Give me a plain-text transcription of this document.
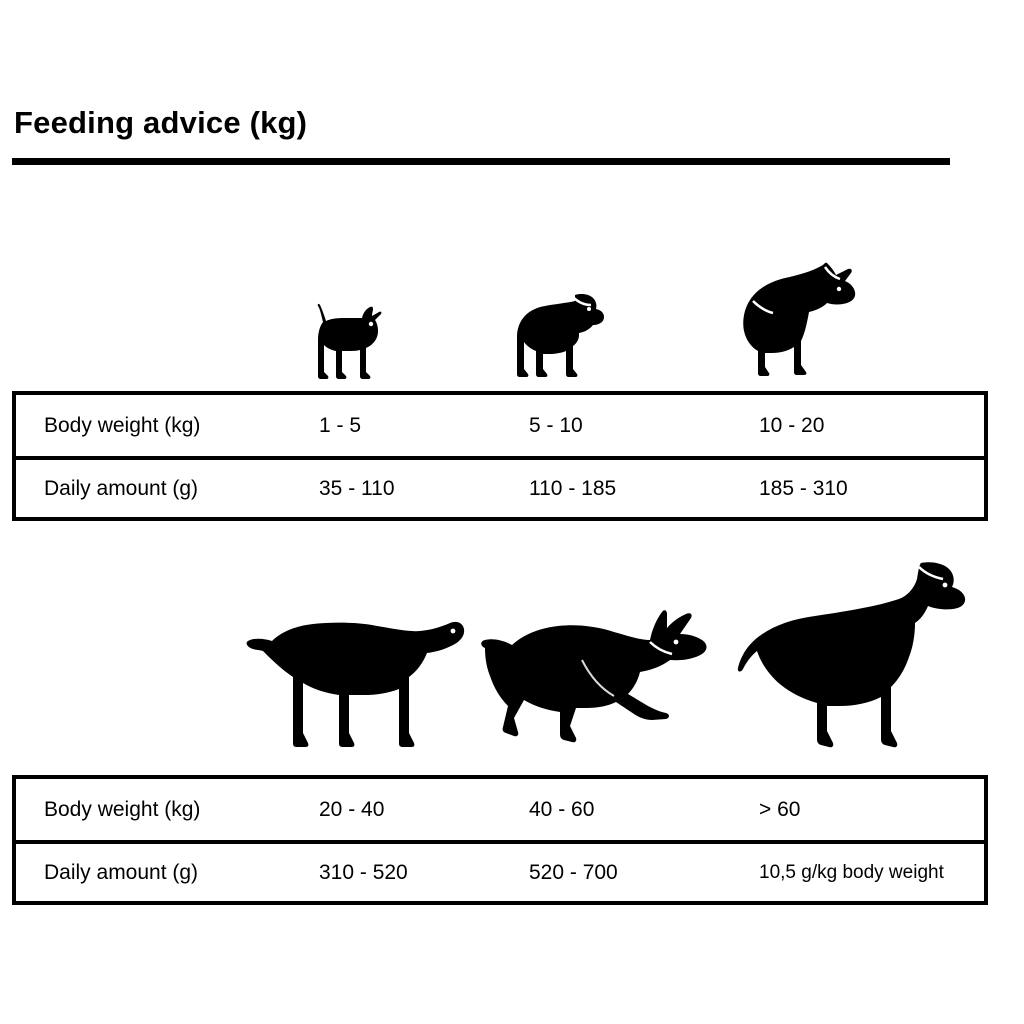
Feeding advice (kg)
Body weight (kg)	1 - 5	5 - 10	10 - 20
Daily amount (g)	35 - 110	110 - 185	185 - 310
Body weight (kg)	20 - 40	40 - 60	> 60
Daily amount (g)	310 - 520	520 - 700	10,5 g/kg body weight
